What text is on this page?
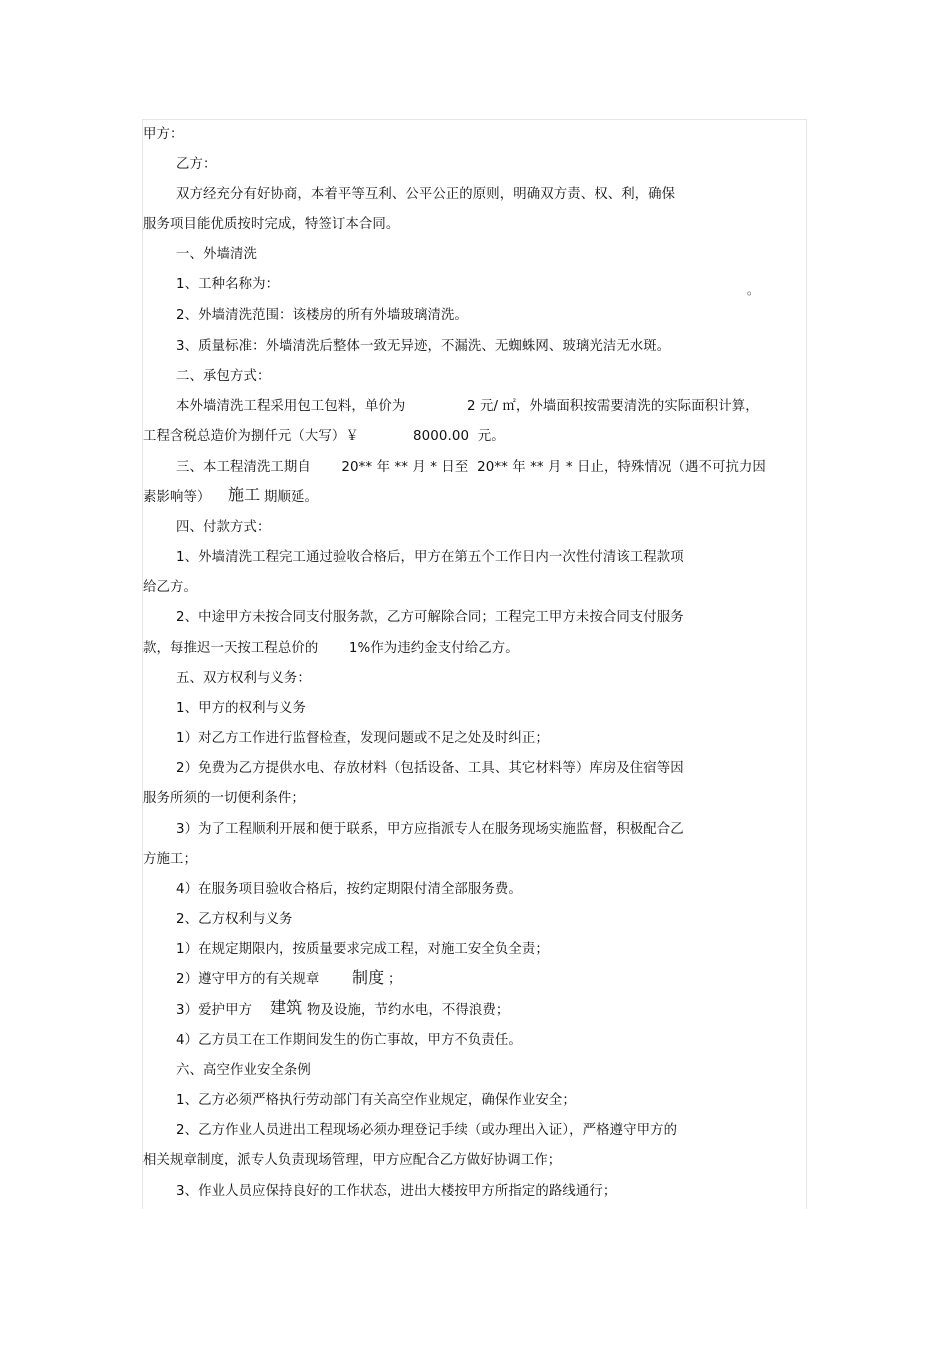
甲方：
乙方：
双方经充分有好协商，本着平等互利、公平公正的原则，明确双方责、权、利，确保
服务项目能优质按时完成，特签订本合同。
一、外墙清洗
1、工种名称为：	。
2、外墙清洗范围：该楼房的所有外墙玻璃清洗。
3、质量标准：外墙清洗后整体一致无异迹，不漏洗、无蜘蛛网、玻璃光洁无水斑。
二、承包方式：
本外墙清洗工程采用包工包料，单价为	2 元/ ㎡，外墙面积按需要清洗的实际面积计算，
工程含税总造价为捌仟元（大写）￥	8000.00  元。
三、本工程清洗工期自       20** 年 ** 月 * 日至  20** 年 ** 月 * 日止，特殊情况（遇不可抗力因
素影响等） 施工 期顺延。
四、付款方式：
1、外墙清洗工程完工通过验收合格后，甲方在第五个工作日内一次性付清该工程款项
给乙方。
2、中途甲方未按合同支付服务款，乙方可解除合同；工程完工甲方未按合同支付服务
款，每推迟一天按工程总价的       1%作为违约金支付给乙方。
五、双方权利与义务：
1、甲方的权利与义务
1）对乙方工作进行监督检查，发现问题或不足之处及时纠正；
2）免费为乙方提供水电、存放材料（包括设备、工具、其它材料等）库房及住宿等因
服务所须的一切便利条件；
3）为了工程顺利开展和便于联系，甲方应指派专人在服务现场实施监督，积极配合乙
方施工；
4）在服务项目验收合格后，按约定期限付清全部服务费。
2、乙方权利与义务
1）在规定期限内，按质量要求完成工程，对施工安全负全责；
2）遵守甲方的有关规章 制度 ；
3）爱护甲方 建筑 物及设施，节约水电，不得浪费；
4）乙方员工在工作期间发生的伤亡事故，甲方不负责任。
六、高空作业安全条例
1、乙方必须严格执行劳动部门有关高空作业规定，确保作业安全；
2、乙方作业人员进出工程现场必须办理登记手续（或办理出入证），严格遵守甲方的
相关规章制度，派专人负责现场管理，甲方应配合乙方做好协调工作；
3、作业人员应保持良好的工作状态，进出大楼按甲方所指定的路线通行；
